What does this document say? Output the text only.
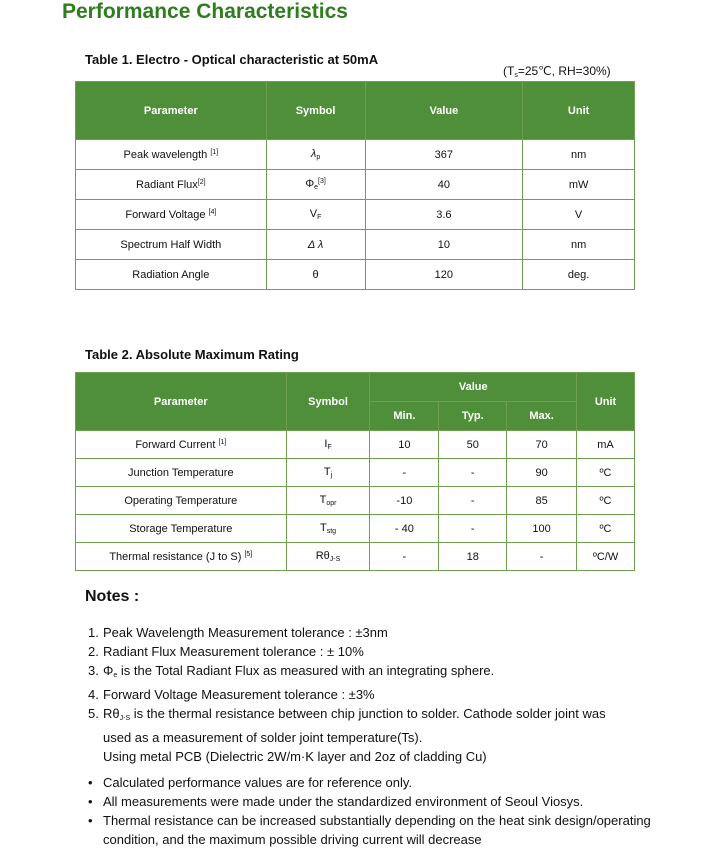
Performance Characteristics
Table 1. Electro - Optical characteristic at 50mA
($T_s=25℃$, RH=30%)
Parameter	Symbol	Value	Unit
Peak wavelength [1]	$\lambda_p$	367	nm
Radiant Flux[2]	$\Phi_e[3]$	40	mW
Forward Voltage [4]	$V_F$	3.6	V
Spectrum Half Width	Δ λ	10	nm
Radiation Angle	θ	120	deg.
Table 2. Absolute Maximum Rating
Parameter	Symbol	Value			Unit
		Min.	Typ.	Max.	
Forward Current [1]	$I_F$	10	50	70	mA
Junction Temperature	$T_j$	-	-	90	ºC
Operating Temperature	$T_{opr}$	-10	-	85	ºC
Storage Temperature	$T_{stg}$	- 40	-	100	ºC
Thermal resistance (J to S) [5]	$R\theta_{J-S}$	-	18	-	ºC/W
Notes :
1. Peak Wavelength Measurement tolerance : ±3nm
2. Radiant Flux Measurement tolerance : ± 10%
3. $\Phi_e$ is the Total Radiant Flux as measured with an integrating sphere.
4. Forward Voltage Measurement tolerance : ±3%
5. $R\theta_{J-S}$ is the thermal resistance between chip junction to solder. Cathode solder joint was used as a measurement of solder joint temperature(Ts).
Using metal PCB (Dielectric 2W/m·K layer and 2oz of cladding Cu)
• Calculated performance values are for reference only.
• All measurements were made under the standardized environment of Seoul Viosys.
• Thermal resistance can be increased substantially depending on the heat sink design/operating condition, and the maximum possible driving current will decrease
